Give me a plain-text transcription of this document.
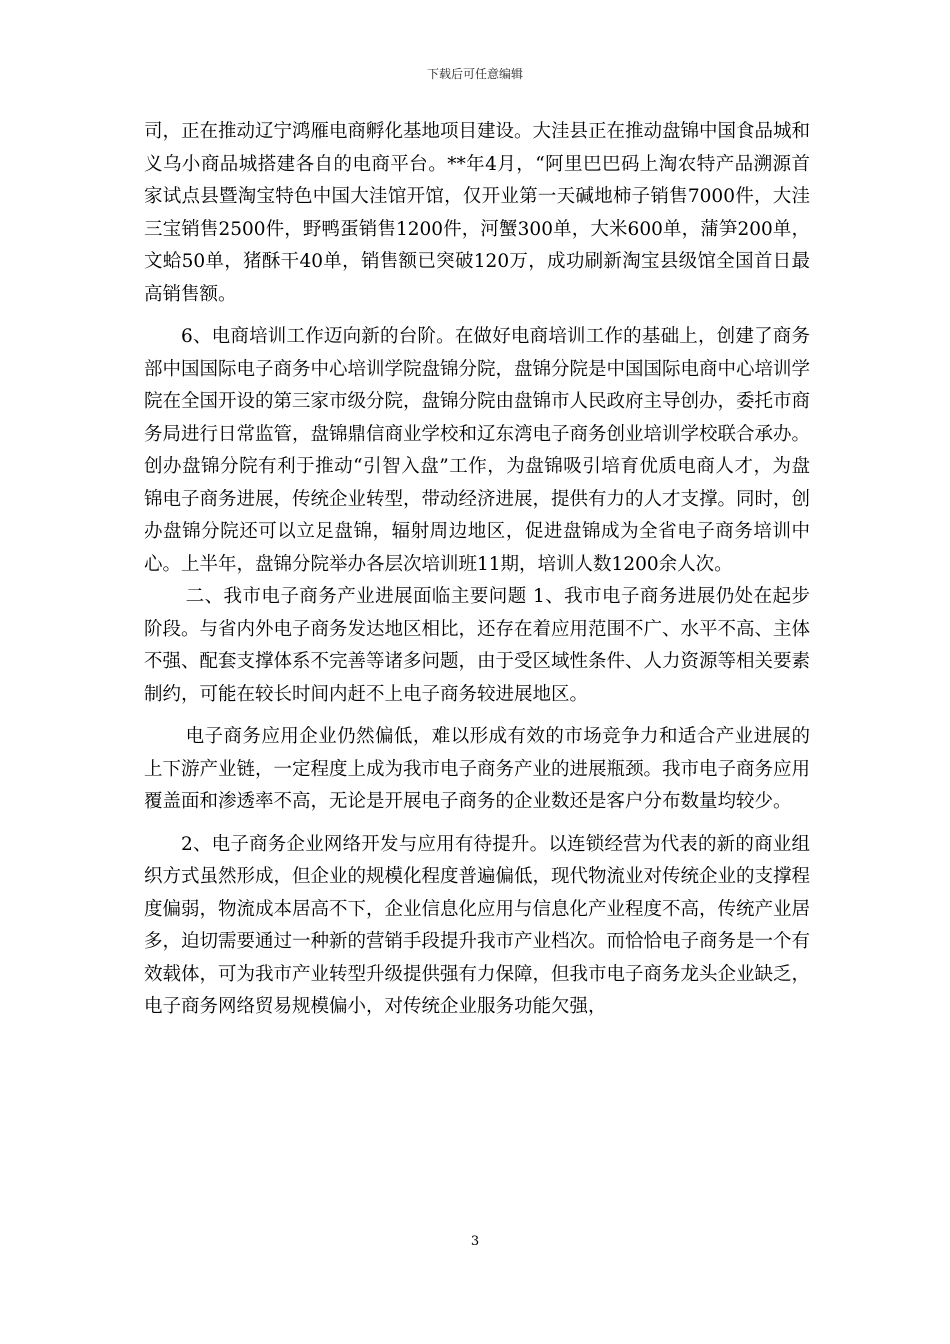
下载后可任意编辑

司，正在推动辽宁鸿雁电商孵化基地项目建设。大洼县正在推动盘锦中国食品城和义乌小商品城搭建各自的电商平台。**年4月，“阿里巴巴码上淘农特产品溯源首家试点县暨淘宝特色中国大洼馆开馆，仅开业第一天碱地柿子销售7000件，大洼三宝销售2500件，野鸭蛋销售1200件，河蟹300单，大米600单，蒲笋200单，文蛤50单，猪酥干40单，销售额已突破120万，成功刷新淘宝县级馆全国首日最高销售额。

6、电商培训工作迈向新的台阶。在做好电商培训工作的基础上，创建了商务部中国国际电子商务中心培训学院盘锦分院，盘锦分院是中国国际电商中心培训学院在全国开设的第三家市级分院，盘锦分院由盘锦市人民政府主导创办，委托市商务局进行日常监管，盘锦鼎信商业学校和辽东湾电子商务创业培训学校联合承办。创办盘锦分院有利于推动“引智入盘”工作，为盘锦吸引培育优质电商人才，为盘锦电子商务进展，传统企业转型，带动经济进展，提供有力的人才支撑。同时，创办盘锦分院还可以立足盘锦，辐射周边地区，促进盘锦成为全省电子商务培训中心。上半年，盘锦分院举办各层次培训班11期，培训人数1200余人次。

二、我市电子商务产业进展面临主要问题 1、我市电子商务进展仍处在起步阶段。与省内外电子商务发达地区相比，还存在着应用范围不广、水平不高、主体不强、配套支撑体系不完善等诸多问题，由于受区域性条件、人力资源等相关要素制约，可能在较长时间内赶不上电子商务较进展地区。

电子商务应用企业仍然偏低，难以形成有效的市场竞争力和适合产业进展的上下游产业链，一定程度上成为我市电子商务产业的进展瓶颈。我市电子商务应用覆盖面和渗透率不高，无论是开展电子商务的企业数还是客户分布数量均较少。

2、电子商务企业网络开发与应用有待提升。以连锁经营为代表的新的商业组织方式虽然形成，但企业的规模化程度普遍偏低，现代物流业对传统企业的支撑程度偏弱，物流成本居高不下，企业信息化应用与信息化产业程度不高，传统产业居多，迫切需要通过一种新的营销手段提升我市产业档次。而恰恰电子商务是一个有效载体，可为我市产业转型升级提供强有力保障，但我市电子商务龙头企业缺乏，电子商务网络贸易规模偏小，对传统企业服务功能欠强，

3
